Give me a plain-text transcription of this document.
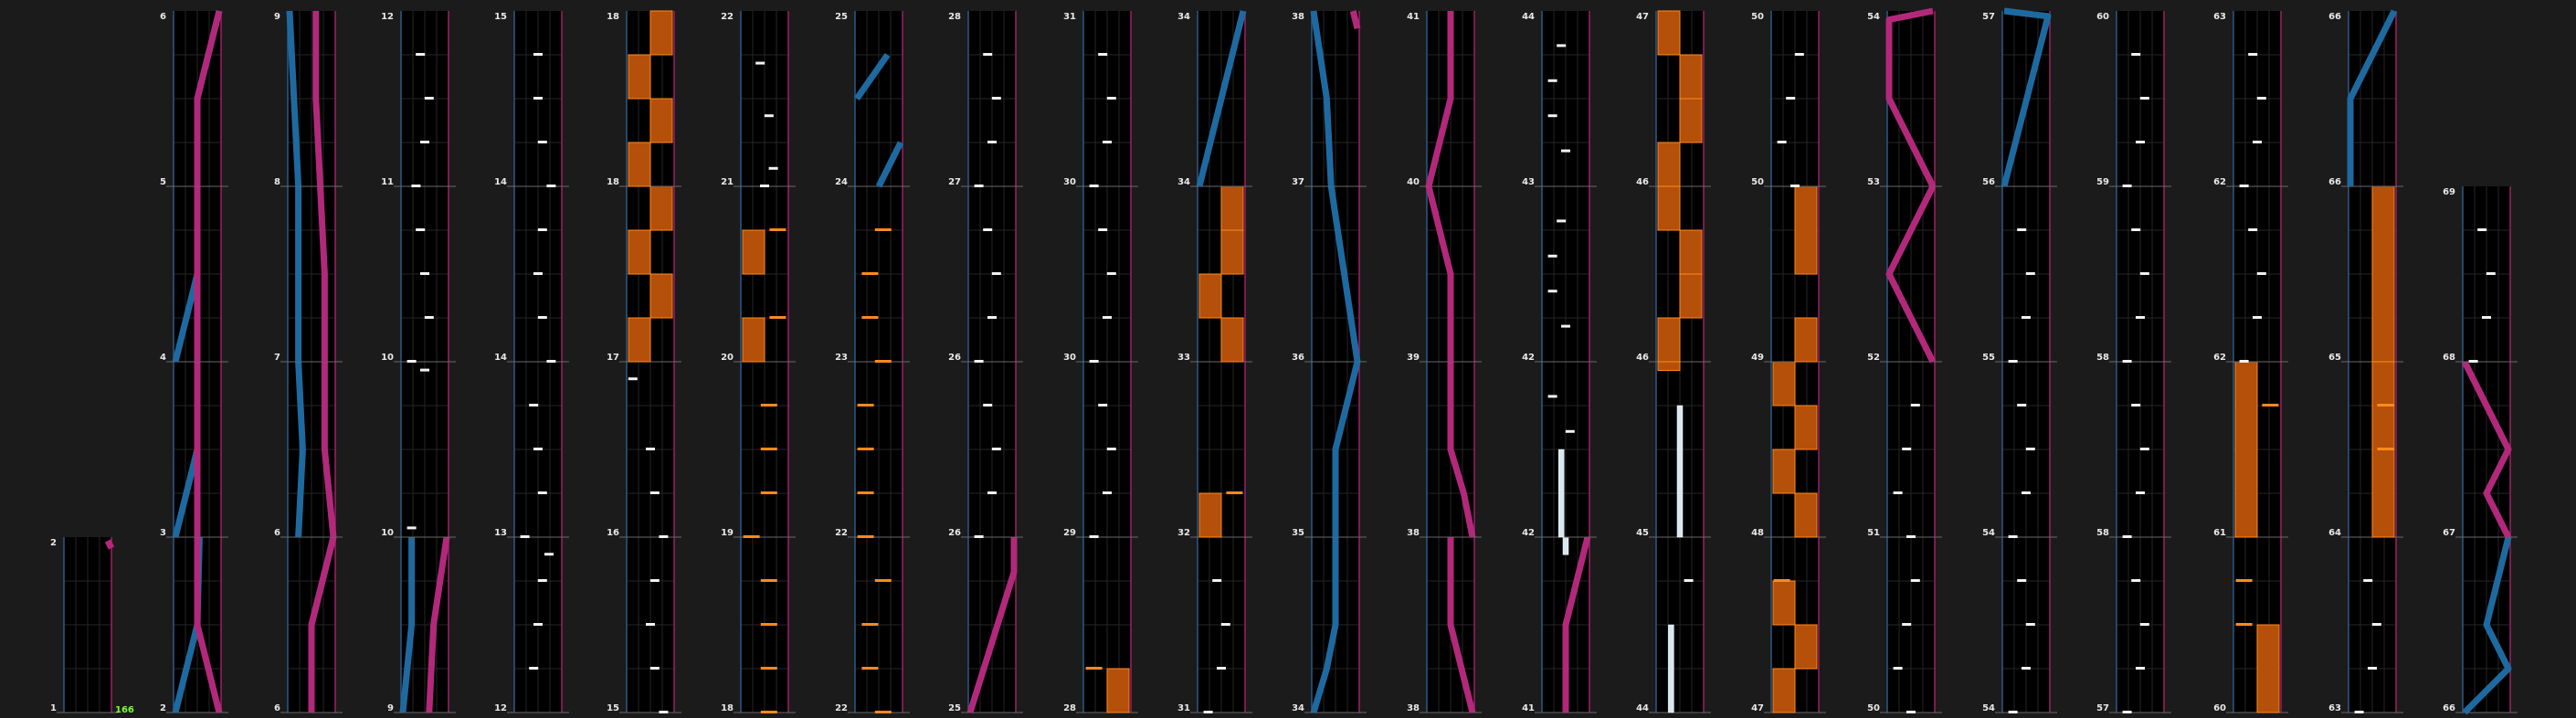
1
2
2
3
4
5
6
6
6
7
8
9
9
10
10
11
12
12
13
14
14
15
15
16
17
18
18
18
19
20
21
22
22
22
23
24
25
25
26
26
27
28
28
29
30
30
31
31
32
33
34
34
34
35
36
37
38
38
38
39
40
41
41
42
42
43
44
44
45
46
46
47
47
48
49
50
50
50
51
52
53
54
54
54
55
56
57
57
58
58
59
60
60
61
62
62
63
63
64
65
66
66
66
67
68
69
166
